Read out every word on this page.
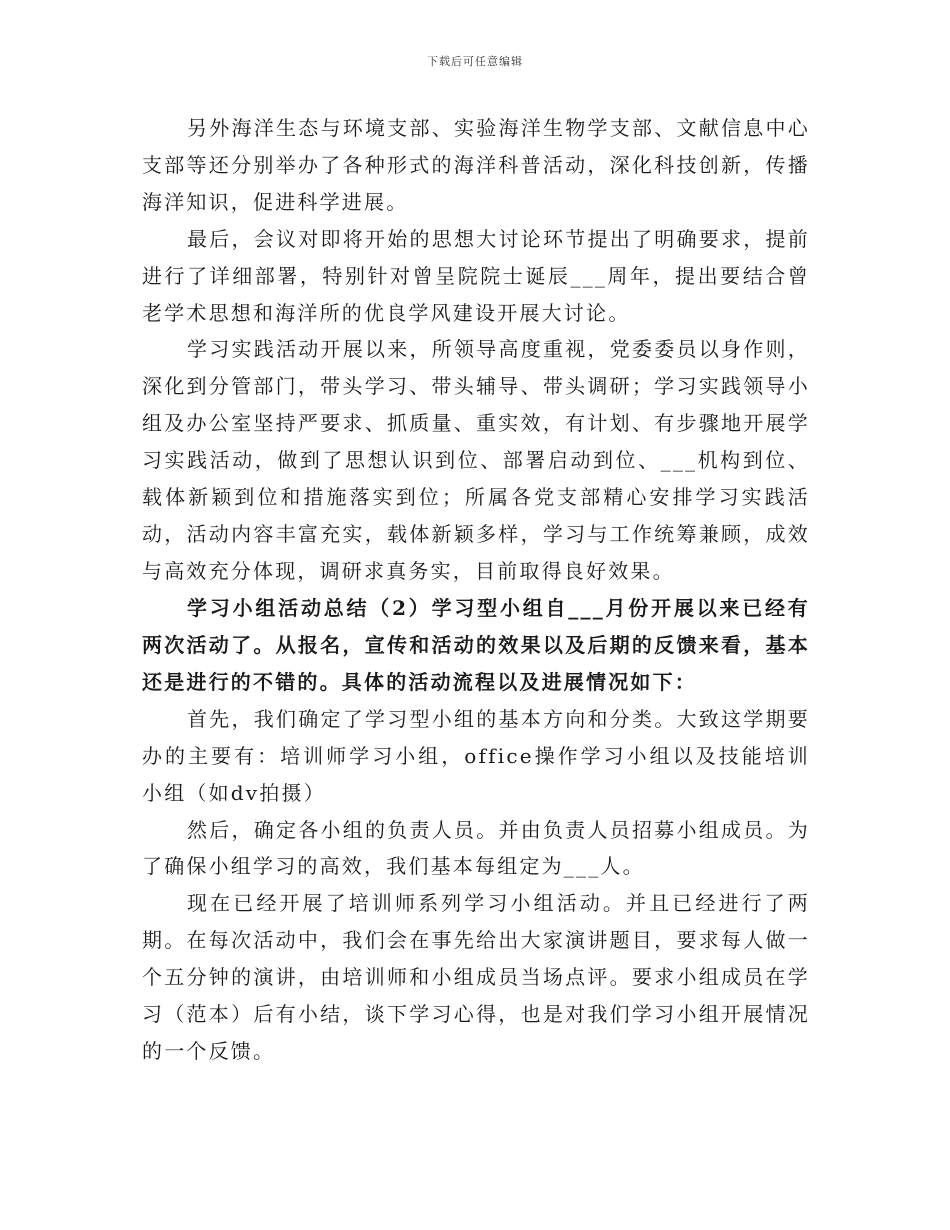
下载后可任意编辑

另外海洋生态与环境支部、实验海洋生物学支部、文献信息中心支部等还分别举办了各种形式的海洋科普活动，深化科技创新，传播海洋知识，促进科学进展。

最后，会议对即将开始的思想大讨论环节提出了明确要求，提前进行了详细部署，特别针对曾呈院院士诞辰___周年，提出要结合曾老学术思想和海洋所的优良学风建设开展大讨论。

学习实践活动开展以来，所领导高度重视，党委委员以身作则，深化到分管部门，带头学习、带头辅导、带头调研；学习实践领导小组及办公室坚持严要求、抓质量、重实效，有计划、有步骤地开展学习实践活动，做到了思想认识到位、部署启动到位、___机构到位、载体新颖到位和措施落实到位；所属各党支部精心安排学习实践活动，活动内容丰富充实，载体新颖多样，学习与工作统筹兼顾，成效与高效充分体现，调研求真务实，目前取得良好效果。

学习小组活动总结（2）学习型小组自___月份开展以来已经有两次活动了。从报名，宣传和活动的效果以及后期的反馈来看，基本还是进行的不错的。具体的活动流程以及进展情况如下：

首先，我们确定了学习型小组的基本方向和分类。大致这学期要办的主要有：培训师学习小组，office操作学习小组以及技能培训小组（如dv拍摄）

然后，确定各小组的负责人员。并由负责人员招募小组成员。为了确保小组学习的高效，我们基本每组定为___人。

现在已经开展了培训师系列学习小组活动。并且已经进行了两期。在每次活动中，我们会在事先给出大家演讲题目，要求每人做一个五分钟的演讲，由培训师和小组成员当场点评。要求小组成员在学习（范本）后有小结，谈下学习心得，也是对我们学习小组开展情况的一个反馈。
